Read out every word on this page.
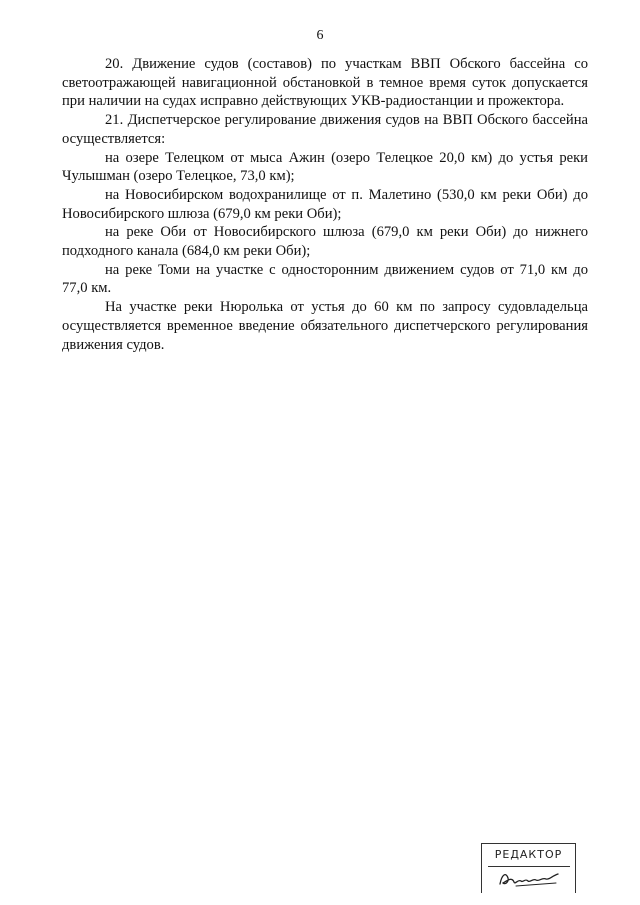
6

20. Движение судов (составов) по участкам ВВП Обского бассейна со светоотражающей навигационной обстановкой в темное время суток допускается при наличии на судах исправно действующих УКВ-радиостанции и прожектора.

21. Диспетчерское регулирование движения судов на ВВП Обского бассейна осуществляется:

на озере Телецком от мыса Ажин (озеро Телецкое 20,0 км) до устья реки Чулышман (озеро Телецкое, 73,0 км);

на Новосибирском водохранилище от п. Малетино (530,0 км реки Оби) до Новосибирского шлюза (679,0 км реки Оби);

на реке Оби от Новосибирского шлюза (679,0 км реки Оби) до нижнего подходного канала (684,0 км реки Оби);

на реке Томи на участке с односторонним движением судов от 71,0 км до 77,0 км.

На участке реки Нюролька от устья до 60 км по запросу судовладельца осуществляется временное введение обязательного диспетчерского регулирования движения судов.

РЕДАКТОР
